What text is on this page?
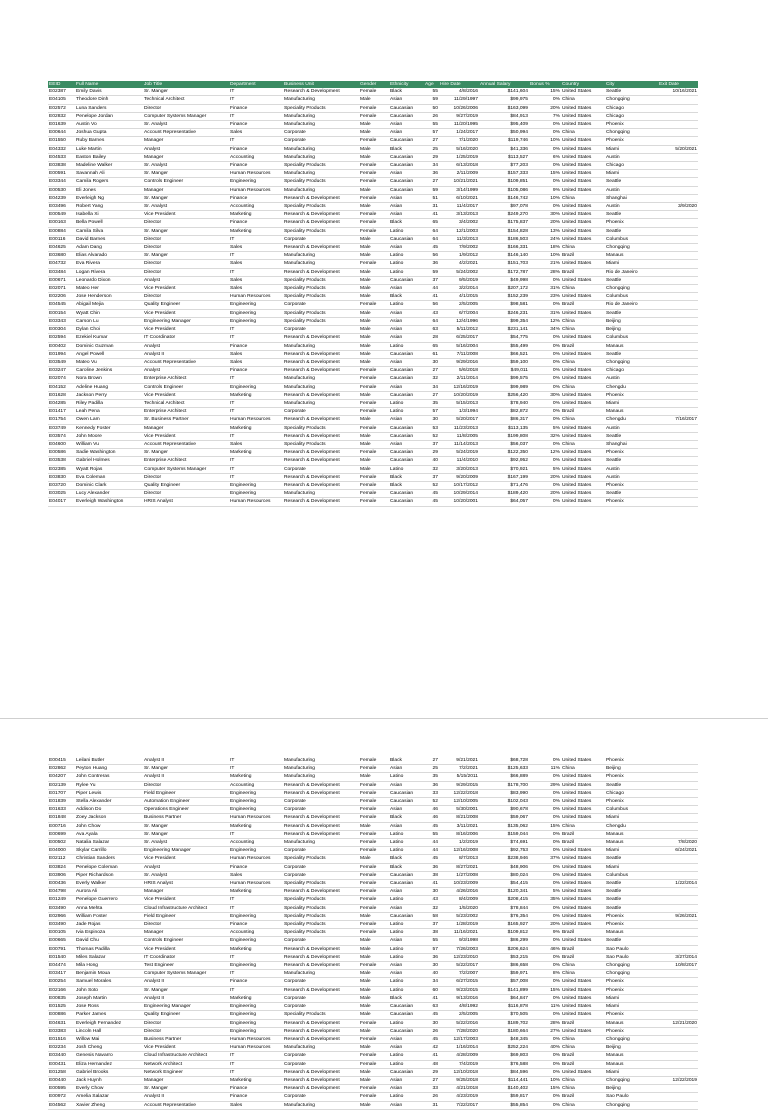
EEID	Full Name	Job Title	Department	Business Unit	Gender	Ethnicity	Age	Hire Date	Annual Salary	Bonus %	Country	City	Exit Date
E02387	Emily Davis	Sr. Manger	IT	Research & Development	Female	Black	55	4/8/2016	$141,604	15%	United States	Seattle	10/16/2021
E04105	Theodore Dinh	Technical Architect	IT	Manufacturing	Male	Asian	59	11/29/1997	$99,975	0%	China	Chongqing	
E02572	Luna Sanders	Director	Finance	Speciality Products	Female	Caucasian	50	10/26/2006	$163,099	20%	United States	Chicago	
E02832	Penelope Jordan	Computer Systems Manager	IT	Manufacturing	Female	Caucasian	26	9/27/2019	$84,913	7%	United States	Chicago	
E01639	Austin Vo	Sr. Analyst	Finance	Manufacturing	Male	Asian	55	11/20/1995	$95,409	0%	United States	Phoenix	
E00644	Joshua Gupta	Account Representative	Sales	Corporate	Male	Asian	57	1/24/2017	$50,994	0%	China	Chongqing	
E01550	Ruby Barnes	Manager	IT	Corporate	Female	Caucasian	27	7/1/2020	$119,746	10%	United States	Phoenix	
E04332	Luke Martin	Analyst	Finance	Manufacturing	Male	Black	25	5/16/2020	$41,336	0%	United States	Miami	5/20/2021
E04533	Easton Bailey	Manager	Accounting	Manufacturing	Male	Caucasian	29	1/25/2019	$113,527	6%	United States	Austin	
E03838	Madeline Walker	Sr. Analyst	Finance	Speciality Products	Female	Caucasian	34	6/13/2018	$77,203	0%	United States	Chicago	
E00591	Savannah Ali	Sr. Manger	Human Resources	Manufacturing	Female	Asian	36	2/11/2009	$157,333	15%	United States	Miami	
E03344	Camila Rogers	Controls Engineer	Engineering	Speciality Products	Female	Caucasian	27	10/21/2021	$109,851	0%	United States	Seattle	
E00530	Eli Jones	Manager	Human Resources	Manufacturing	Male	Caucasian	59	3/14/1999	$105,086	9%	United States	Austin	
E04239	Everleigh Ng	Sr. Manger	Finance	Research & Development	Female	Asian	51	6/10/2021	$146,742	10%	China	Shanghai	
E03496	Robert Yang	Sr. Analyst	Accounting	Speciality Products	Male	Asian	31	11/4/2017	$97,078	0%	United States	Austin	3/9/2020
E00549	Isabella Xi	Vice President	Marketing	Research & Development	Female	Asian	41	3/13/2013	$249,270	30%	United States	Seattle	
E00163	Bella Powell	Director	Finance	Research & Development	Female	Black	65	3/4/2002	$175,837	20%	United States	Phoenix	
E00884	Camila Silva	Sr. Manger	Marketing	Speciality Products	Female	Latino	64	12/1/2003	$154,828	13%	United States	Seattle	
E00116	David Barnes	Director	IT	Corporate	Male	Caucasian	64	11/3/2013	$186,503	24%	United States	Columbus	
E04625	Adam Dang	Director	Sales	Research & Development	Male	Asian	45	7/9/2002	$166,331	18%	China	Chongqing	
E03680	Elias Alvarado	Sr. Manger	IT	Manufacturing	Male	Latino	56	1/9/2012	$146,140	10%	Brazil	Manaus	
E04732	Eva Rivera	Director	Sales	Manufacturing	Female	Latino	36	4/2/2021	$151,703	21%	United States	Miami	
E03484	Logan Rivera	Director	IT	Research & Development	Male	Latino	59	5/24/2002	$172,787	28%	Brazil	Rio de Janeiro	
E00671	Leonardo Dixon	Analyst	Sales	Speciality Products	Male	Caucasian	37	9/5/2019	$49,998	0%	United States	Seattle	
E02071	Mateo Her	Vice President	Sales	Speciality Products	Male	Asian	44	3/2/2014	$207,172	31%	China	Chongqing	
E02206	Jose Henderson	Director	Human Resources	Speciality Products	Male	Black	41	4/1/2015	$152,239	23%	United States	Columbus	
E04545	Abigail Mejia	Quality Engineer	Engineering	Corporate	Female	Latino	56	2/5/2005	$98,581	0%	Brazil	Rio de Janeiro	
E00154	Wyatt Chin	Vice President	Engineering	Speciality Products	Male	Asian	43	6/7/2004	$246,231	31%	United States	Seattle	
E03343	Carson Lu	Engineering Manager	Engineering	Speciality Products	Male	Asian	64	12/4/1996	$99,354	12%	China	Beijing	
E00304	Dylan Choi	Vice President	IT	Corporate	Male	Asian	63	5/11/2012	$231,141	34%	China	Beijing	
E02594	Ezekiel Kumar	IT Coordinator	IT	Research & Development	Male	Asian	28	6/25/2017	$54,775	0%	United States	Columbus	
E00402	Dominic Guzman	Analyst	Finance	Manufacturing	Male	Latino	65	5/16/2004	$55,499	0%	Brazil	Manaus	
E01994	Angel Powell	Analyst II	Sales	Research & Development	Male	Caucasian	61	7/11/2008	$66,521	0%	United States	Seattle	
E03549	Mateo Vu	Account Representative	Sales	Research & Development	Male	Asian	30	9/29/2016	$59,100	0%	China	Chongqing	
E03247	Caroline Jenkins	Analyst	Finance	Research & Development	Female	Caucasian	27	5/6/2018	$49,011	0%	United States	Chicago	
E02074	Nora Brown	Enterprise Architect	IT	Manufacturing	Female	Caucasian	32	2/11/2014	$99,575	0%	United States	Austin	
E04152	Adeline Huang	Controls Engineer	Engineering	Manufacturing	Female	Asian	34	12/16/2019	$99,989	0%	China	Chengdu	
E01628	Jackson Perry	Vice President	Marketing	Research & Development	Male	Caucasian	27	10/20/2019	$256,420	30%	United States	Phoenix	
E04285	Riley Padilla	Technical Architect	IT	Manufacturing	Female	Latino	35	5/15/2013	$78,940	0%	United States	Miami	
E01417	Leah Pena	Enterprise Architect	IT	Corporate	Female	Latino	57	1/3/1994	$82,872	0%	Brazil	Manaus	
E01754	Owen Lam	Sr. Business Partner	Human Resources	Research & Development	Male	Asian	30	5/20/2017	$86,317	0%	China	Chengdu	7/16/2017
E03749	Kennedy Foster	Manager	Marketing	Speciality Products	Female	Caucasian	53	11/23/2013	$113,135	5%	United States	Austin	
E03574	John Moore	Vice President	IT	Research & Development	Male	Caucasian	52	11/8/2005	$199,808	32%	United States	Seattle	
E04600	William Vu	Account Representative	Sales	Speciality Products	Male	Asian	37	11/14/2013	$56,037	0%	China	Shanghai	
E00586	Sadie Washington	Sr. Manger	Marketing	Research & Development	Female	Caucasian	29	5/24/2019	$122,350	12%	United States	Phoenix	
E03538	Gabriel Holmes	Enterprise Architect	IT	Research & Development	Male	Caucasian	40	11/4/2010	$92,952	0%	United States	Seattle	
E02385	Wyatt Rojas	Computer Systems Manager	IT	Corporate	Male	Latino	32	3/20/2013	$70,921	5%	United States	Austin	
E03830	Eva Coleman	Director	IT	Research & Development	Female	Black	37	9/20/2009	$167,199	20%	United States	Austin	
E03720	Dominic Clark	Quality Engineer	Engineering	Research & Development	Female	Black	52	10/17/2012	$71,476	0%	United States	Phoenix	
E03025	Lucy Alexander	Director	Engineering	Manufacturing	Female	Caucasian	45	10/29/2014	$189,420	20%	United States	Seattle	
E04017	Everleigh Washington	HRIS Analyst	Human Resources	Research & Development	Female	Caucasian	45	10/20/2001	$64,057	0%	United States	Phoenix	
E00415	Leilani Butler	Analyst II	IT	Manufacturing	Female	Black	27	9/21/2021	$68,728	0%	United States	Phoenix	
E02862	Peyton Huang	Sr. Manger	IT	Manufacturing	Female	Asian	25	7/2/2021	$125,633	11%	China	Beijing	
E04207	John Contreras	Analyst II	Marketing	Manufacturing	Male	Latino	35	5/15/2011	$66,889	0%	United States	Phoenix	
E02139	Rylee Yu	Director	Accounting	Research & Development	Female	Asian	36	9/29/2015	$178,700	29%	United States	Seattle	
E01707	Piper Lewis	Field Engineer	Engineering	Research & Development	Female	Caucasian	33	12/22/2018	$83,990	0%	United States	Chicago	
E01839	Stella Alexander	Automation Engineer	Engineering	Corporate	Female	Caucasian	52	12/10/2005	$102,043	0%	United States	Phoenix	
E01633	Addison Do	Operations Engineer	Engineering	Corporate	Female	Asian	46	5/30/2001	$90,678	0%	United States	Columbus	
E01848	Zoey Jackson	Business Partner	Human Resources	Research & Development	Female	Black	46	8/21/2008	$59,067	0%	United States	Miami	
E00716	John Chow	Sr. Manger	Marketing	Research & Development	Male	Asian	45	3/11/2021	$135,062	15%	China	Chengdu	
E00699	Ava Ayala	Sr. Manger	IT	Research & Development	Female	Latino	55	8/16/2006	$159,044	0%	Brazil	Manaus	
E00502	Natalia Salazar	Sr. Analyst	Accounting	Manufacturing	Female	Latino	44	1/2/2019	$74,691	0%	Brazil	Manaus	7/8/2020
E04000	Skylar Carrillo	Engineering Manager	Engineering	Corporate	Female	Latino	44	12/16/2008	$92,753	0%	United States	Miami	6/24/2021
E02112	Christian Sanders	Vice President	Human Resources	Speciality Products	Male	Black	45	8/7/2013	$238,946	37%	United States	Seattle	
E03824	Penelope Coleman	Analyst	Finance	Corporate	Female	Black	36	8/27/2021	$48,906	0%	United States	Miami	
E03906	Piper Richardson	Sr. Analyst	Sales	Corporate	Female	Caucasian	38	1/27/2008	$80,024	0%	United States	Columbus	
E00436	Everly Walker	HRIS Analyst	Human Resources	Speciality Products	Female	Caucasian	41	10/23/2009	$54,415	0%	United States	Seattle	1/22/2014
E04798	Aurora Ali	Manager	Marketing	Research & Development	Female	Asian	30	4/26/2016	$120,341	5%	United States	Seattle	
E01249	Penelope Guerrero	Vice President	IT	Speciality Products	Female	Latino	43	8/4/2009	$208,415	35%	United States	Seattle	
E03490	Anna Mehta	Cloud Infrastructure Architect	IT	Speciality Products	Female	Asian	32	1/5/2020	$78,844	0%	United States	Seattle	
E02966	William Foster	Field Engineer	Engineering	Speciality Products	Male	Caucasian	58	5/23/2002	$76,354	0%	United States	Phoenix	9/26/2021
E03490	Jade Rojas	Director	Finance	Speciality Products	Female	Latino	37	1/28/2019	$165,927	20%	United States	Phoenix	
E00105	Ivia Espinoza	Manager	Accounting	Speciality Products	Female	Latino	38	11/16/2021	$109,812	9%	Brazil	Manaus	
E00665	David Chu	Controls Engineer	Engineering	Corporate	Male	Asian	55	9/3/1998	$86,299	0%	United States	Seattle	
E00791	Thomas Padilla	Vice President	Marketing	Research & Development	Male	Latino	57	7/26/2003	$206,624	46%	Brazil	Sao Paulo	
E01540	Miles Salazar	IT Coordinator	IT	Research & Development	Male	Latino	36	12/23/2010	$53,215	0%	Brazil	Sao Paulo	3/27/2014
E04474	Mila Hong	Test Engineer	Engineering	Research & Development	Female	Asian	30	5/22/2017	$86,658	0%	China	Chongqing	10/8/2017
E03417	Benjamin Moua	Computer Systems Manager	IT	Manufacturing	Male	Asian	40	7/2/2007	$59,971	8%	China	Chongqing	
E00254	Samuel Morales	Analyst II	Finance	Corporate	Male	Latino	34	6/27/2015	$57,008	0%	United States	Phoenix	
E02166	John Soto	Sr. Manger	IT	Research & Development	Male	Latino	60	9/23/2015	$141,899	15%	United States	Phoenix	
E00835	Joseph Martin	Analyst II	Marketing	Corporate	Male	Black	41	9/13/2016	$64,847	0%	United States	Miami	
E01525	Jose Ross	Engineering Manager	Engineering	Corporate	Male	Caucasian	63	4/8/1992	$116,878	11%	United States	Miami	
E00886	Parker James	Quality Engineer	Engineering	Speciality Products	Male	Caucasian	45	2/5/2005	$70,505	0%	United States	Phoenix	
E04631	Everleigh Fernandez	Director	Engineering	Research & Development	Female	Latino	30	5/22/2016	$189,702	28%	Brazil	Manaus	12/21/2020
E03383	Lincoln Hall	Director	Engineering	Research & Development	Male	Caucasian	26	7/28/2020	$180,664	27%	United States	Phoenix	
E01516	Willow Mai	Business Partner	Human Resources	Research & Development	Female	Asian	45	12/17/2003	$48,345	0%	China	Chongqing	
E02234	Josh Cheng	Vice President	Human Resources	Manufacturing	Male	Asian	42	1/16/2014	$252,224	40%	China	Beijing	
E03440	Genesis Navarro	Cloud Infrastructure Architect	IT	Corporate	Female	Latino	41	4/28/2009	$69,803	0%	Brazil	Manaus	
E00431	Eliza Hernandez	Network Architect	IT	Corporate	Female	Latino	48	7/4/2019	$76,588	0%	Brazil	Manaus	
E01258	Gabriel Brooks	Network Engineer	IT	Research & Development	Male	Caucasian	29	12/10/2018	$84,596	0%	United States	Miami	
E00440	Jack Huynh	Manager	Marketing	Research & Development	Male	Asian	27	9/25/2018	$114,441	10%	China	Chongqing	12/22/2019
E00595	Everly Chow	Sr. Manger	Finance	Research & Development	Female	Asian	33	4/21/2018	$140,402	15%	China	Beijing	
E00972	Amelia Salazar	Analyst II	Finance	Corporate	Female	Latino	26	4/23/2019	$59,817	0%	Brazil	Sao Paulo	
E04562	Xavier Zheng	Account Representative	Sales	Manufacturing	Male	Asian	31	7/22/2017	$55,854	0%	China	Chongqing	
